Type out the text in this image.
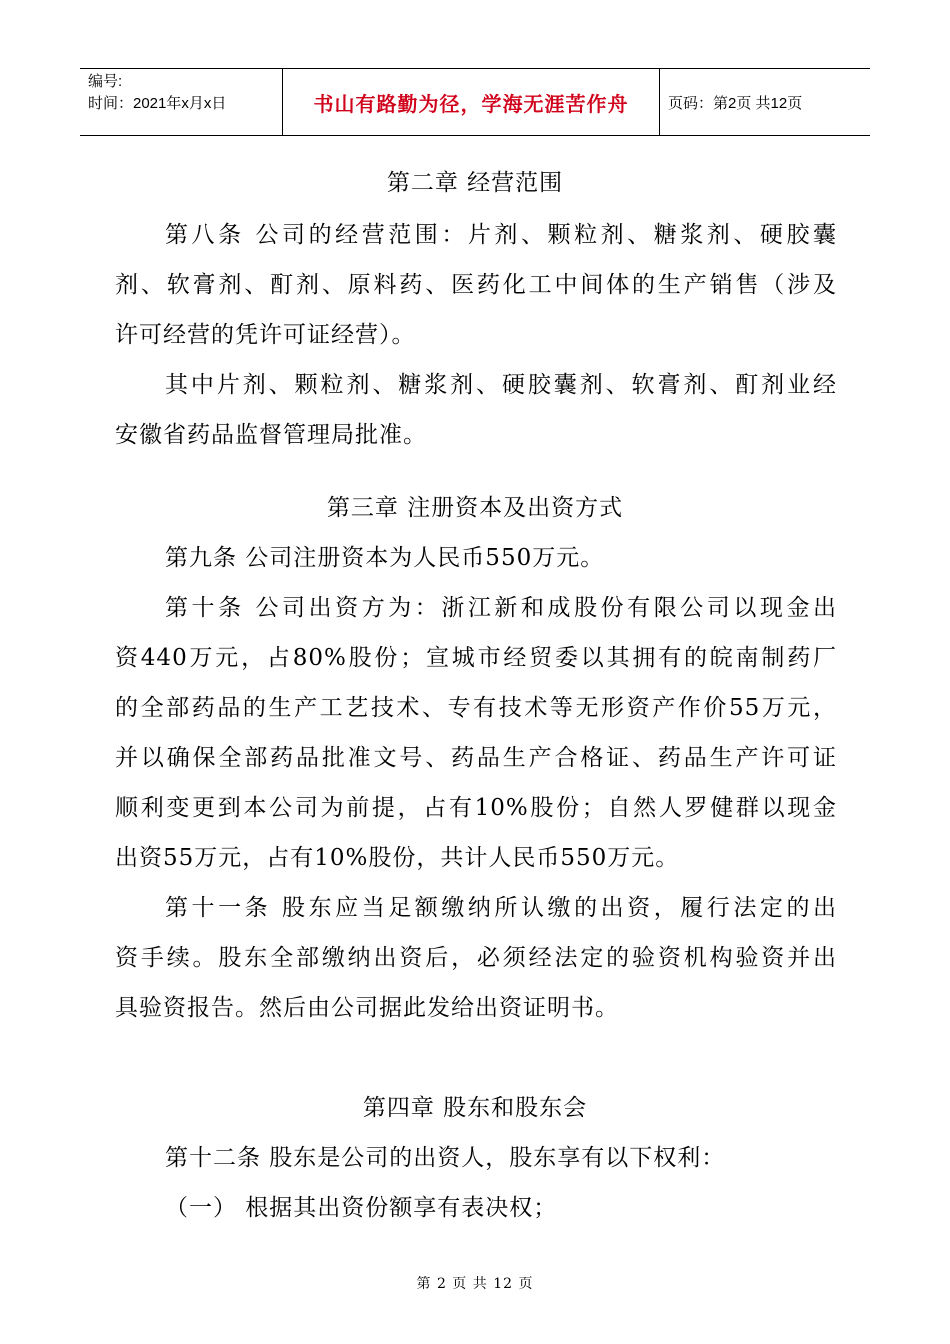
编号:
时间：2021年x月x日	书山有路勤为径，学海无涯苦作舟	页码：第2页 共12页
第二章 经营范围
第八条 公司的经营范围：片剂、颗粒剂、糖浆剂、硬胶囊
剂、软膏剂、酊剂、原料药、医药化工中间体的生产销售（涉及
许可经营的凭许可证经营）。
其中片剂、颗粒剂、糖浆剂、硬胶囊剂、软膏剂、酊剂业经
安徽省药品监督管理局批准。
第三章 注册资本及出资方式
第九条 公司注册资本为人民币550万元。
第十条 公司出资方为：浙江新和成股份有限公司以现金出
资440万元，占80%股份；宣城市经贸委以其拥有的皖南制药厂
的全部药品的生产工艺技术、专有技术等无形资产作价55万元，
并以确保全部药品批准文号、药品生产合格证、药品生产许可证
顺利变更到本公司为前提，占有10%股份；自然人罗健群以现金
出资55万元，占有10%股份，共计人民币550万元。
第十一条 股东应当足额缴纳所认缴的出资，履行法定的出
资手续。股东全部缴纳出资后，必须经法定的验资机构验资并出
具验资报告。然后由公司据此发给出资证明书。
第四章 股东和股东会
第十二条 股东是公司的出资人，股东享有以下权利：
（一） 根据其出资份额享有表决权；
第 2 页 共 12 页
